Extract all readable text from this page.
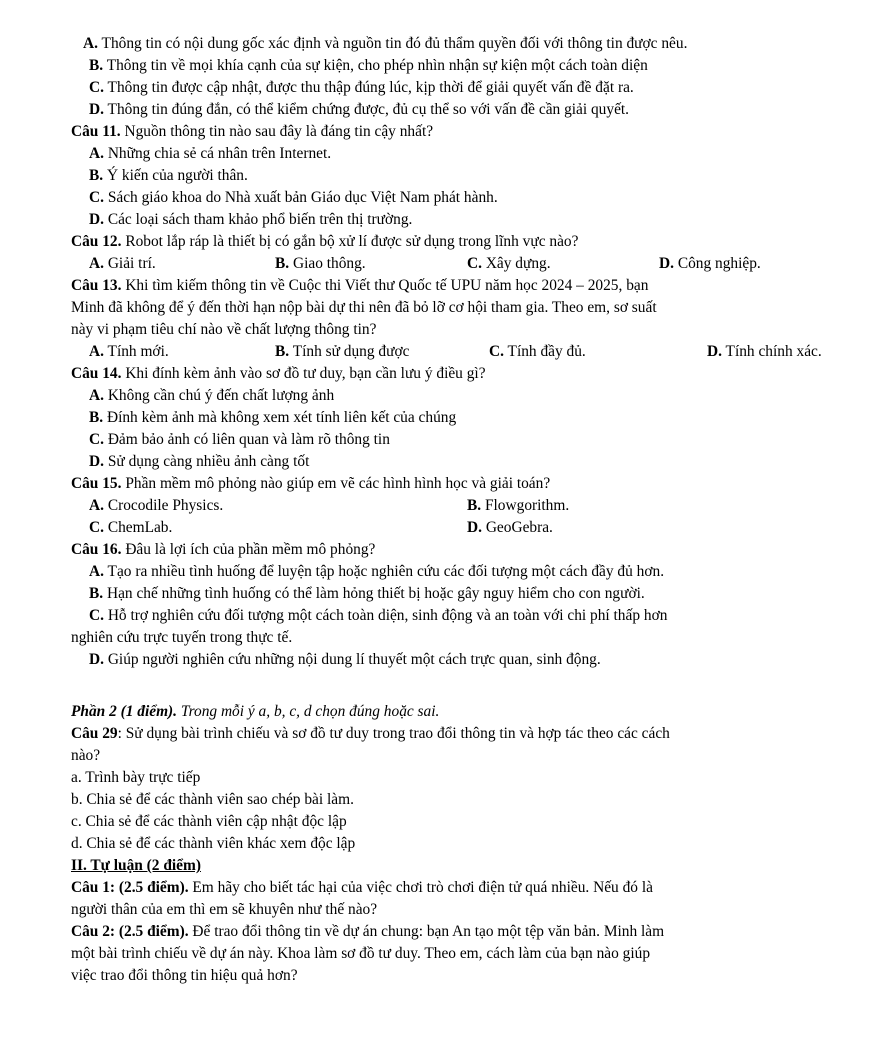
A. Thông tin có nội dung gốc xác định và nguồn tin đó đủ thẩm quyền đối với thông tin được nêu.
B. Thông tin về mọi khía cạnh của sự kiện, cho phép nhìn nhận sự kiện một cách toàn diện
C. Thông tin được cập nhật, được thu thập đúng lúc, kịp thời để giải quyết vấn đề đặt ra.
D. Thông tin đúng đắn, có thể kiểm chứng được, đủ cụ thể so với vấn đề cần giải quyết.
Câu 11. Nguồn thông tin nào sau đây là đáng tin cậy nhất?
A. Những chia sẻ cá nhân trên Internet.
B. Ý kiến của người thân.
C. Sách giáo khoa do Nhà xuất bản Giáo dục Việt Nam phát hành.
D. Các loại sách tham khảo phổ biến trên thị trường.
Câu 12. Robot lắp ráp là thiết bị có gắn bộ xử lí được sử dụng trong lĩnh vực nào?
A. Giải trí.	B. Giao thông.	C. Xây dựng.	D. Công nghiệp.
Câu 13. Khi tìm kiếm thông tin về Cuộc thi Viết thư Quốc tế UPU năm học 2024 – 2025, bạn
Minh đã không để ý đến thời hạn nộp bài dự thi nên đã bỏ lỡ cơ hội tham gia. Theo em, sơ suất
này vi phạm tiêu chí nào về chất lượng thông tin?
A. Tính mới.	B. Tính sử dụng được	C. Tính đầy đủ.	D. Tính chính xác.
Câu 14. Khi đính kèm ảnh vào sơ đồ tư duy, bạn cần lưu ý điều gì?
A. Không cần chú ý đến chất lượng ảnh
B. Đính kèm ảnh mà không xem xét tính liên kết của chúng
C. Đảm bảo ảnh có liên quan và làm rõ thông tin
D. Sử dụng càng nhiều ảnh càng tốt
Câu 15. Phần mềm mô phỏng nào giúp em vẽ các hình hình học và giải toán?
A. Crocodile Physics.	B. Flowgorithm.
C. ChemLab.	D. GeoGebra.
Câu 16. Đâu là lợi ích của phần mềm mô phỏng?
A. Tạo ra nhiều tình huống để luyện tập hoặc nghiên cứu các đối tượng một cách đầy đủ hơn.
B. Hạn chế những tình huống có thể làm hỏng thiết bị hoặc gây nguy hiểm cho con người.
C. Hỗ trợ nghiên cứu đối tượng một cách toàn diện, sinh động và an toàn với chi phí thấp hơn
nghiên cứu trực tuyến trong thực tế.
D. Giúp người nghiên cứu những nội dung lí thuyết một cách trực quan, sinh động.
Phần 2 (1 điểm). Trong mỗi ý a, b, c, d chọn đúng hoặc sai.
Câu 29: Sử dụng bài trình chiếu và sơ đồ tư duy trong trao đổi thông tin và hợp tác theo các cách
nào?
a. Trình bày trực tiếp
b. Chia sẻ để các thành viên sao chép bài làm.
c. Chia sẻ để các thành viên cập nhật độc lập
d. Chia sẻ để các thành viên khác xem độc lập
II. Tự luận (2 điểm)
Câu 1: (2.5 điểm). Em hãy cho biết tác hại của việc chơi trò chơi điện tử quá nhiều. Nếu đó là
người thân của em thì em sẽ khuyên như thế nào?
Câu 2: (2.5 điểm). Để trao đổi thông tin về dự án chung: bạn An tạo một tệp văn bản. Minh làm
một bài trình chiếu về dự án này. Khoa làm sơ đồ tư duy. Theo em, cách làm của bạn nào giúp
việc trao đổi thông tin hiệu quả hơn?
